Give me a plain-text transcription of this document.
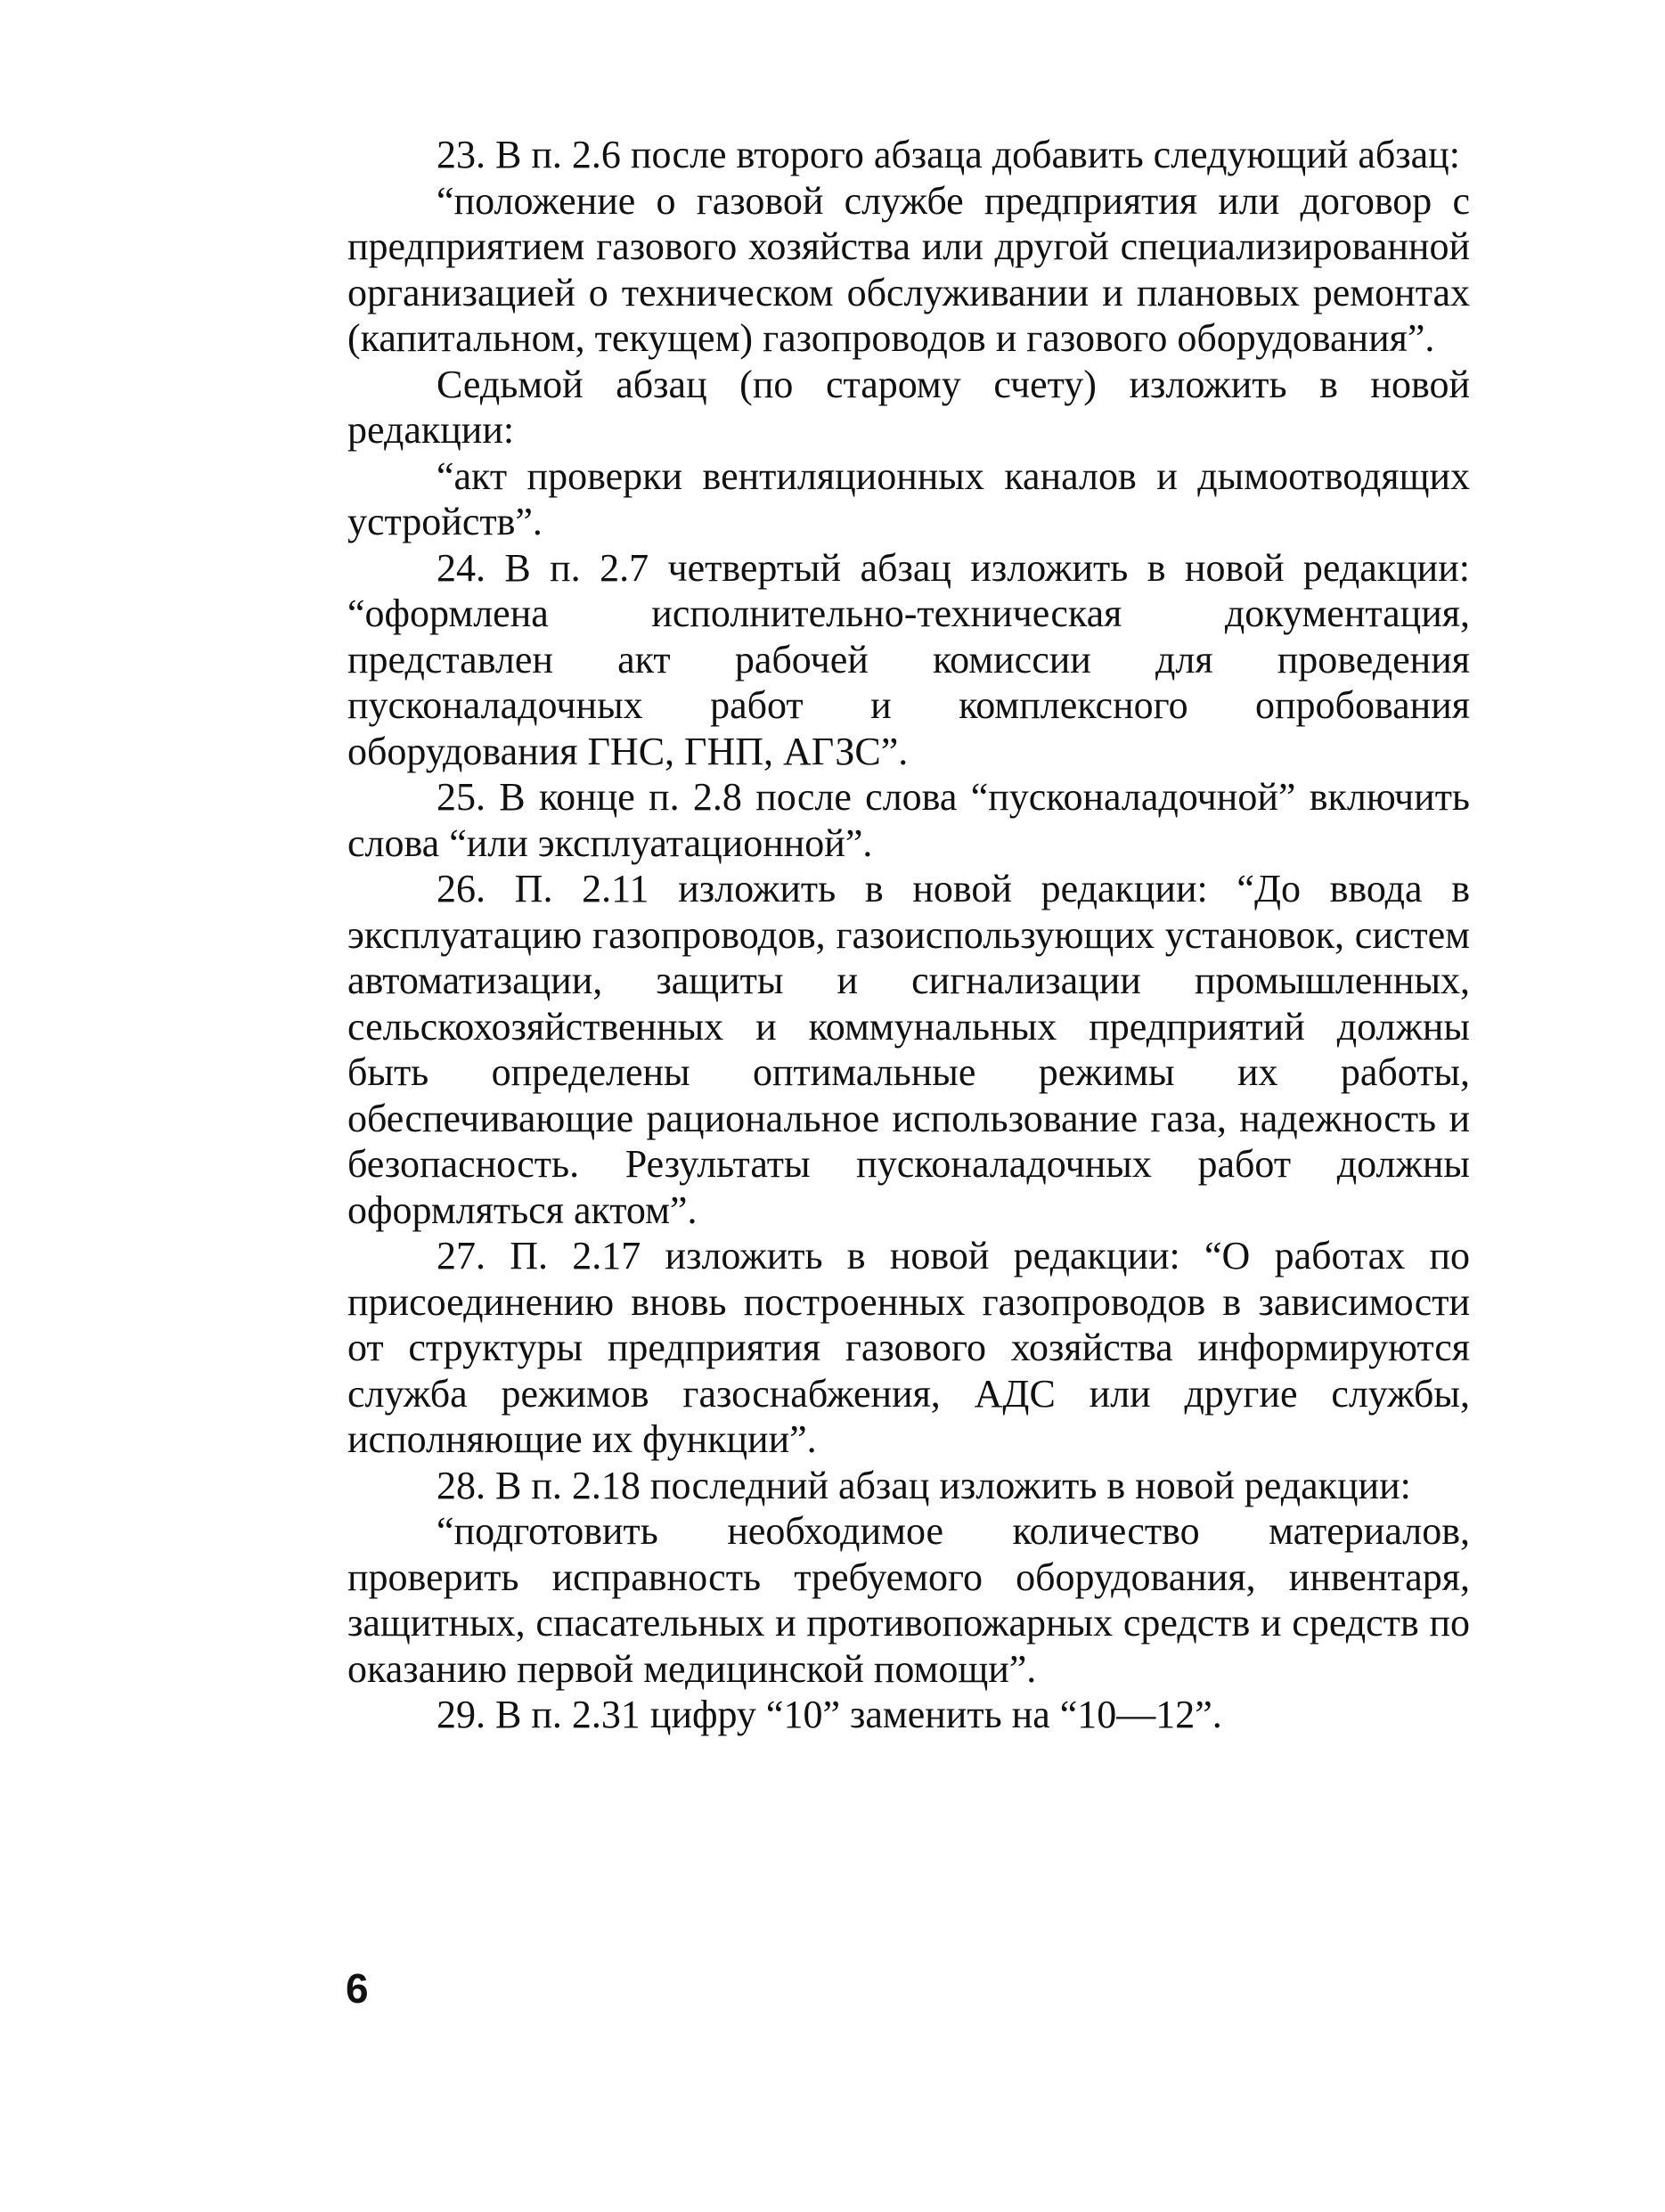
23. В п. 2.6 после второго абзаца добавить следующий абзац:

“положение о газовой службе предприятия или договор с предприятием газового хозяйства или другой специализированной организацией о техническом обслуживании и плановых ремонтах (капитальном, текущем) газопроводов и газового оборудования”.

Седьмой абзац (по старому счету) изложить в новой редакции:

“акт проверки вентиляционных каналов и дымоотводящих устройств”.

24. В п. 2.7 четвертый абзац изложить в новой редакции: “оформлена исполнительно-техническая документация, представлен акт рабочей комиссии для проведения пусконаладочных работ и комплексного опробования оборудования ГНС, ГНП, АГЗС”.

25. В конце п. 2.8 после слова “пусконаладочной” включить слова “или эксплуатационной”.

26. П. 2.11 изложить в новой редакции: “До ввода в эксплуатацию газопроводов, газоиспользующих установок, систем автоматизации, защиты и сигнализации промышленных, сельскохозяйственных и коммунальных предприятий должны быть определены оптимальные режимы их работы, обеспечивающие рациональное использование газа, надежность и безопасность. Результаты пусконаладочных работ должны оформляться актом”.

27. П. 2.17 изложить в новой редакции: “О работах по присоединению вновь построенных газопроводов в зависимости от структуры предприятия газового хозяйства информируются служба режимов газоснабжения, АДС или другие службы, исполняющие их функции”.

28. В п. 2.18 последний абзац изложить в новой редакции:

“подготовить необходимое количество материалов, проверить исправность требуемого оборудования, инвентаря, защитных, спасательных и противопожарных средств и средств по оказанию первой медицинской помощи”.

29. В п. 2.31 цифру “10” заменить на “10—12”.

6
